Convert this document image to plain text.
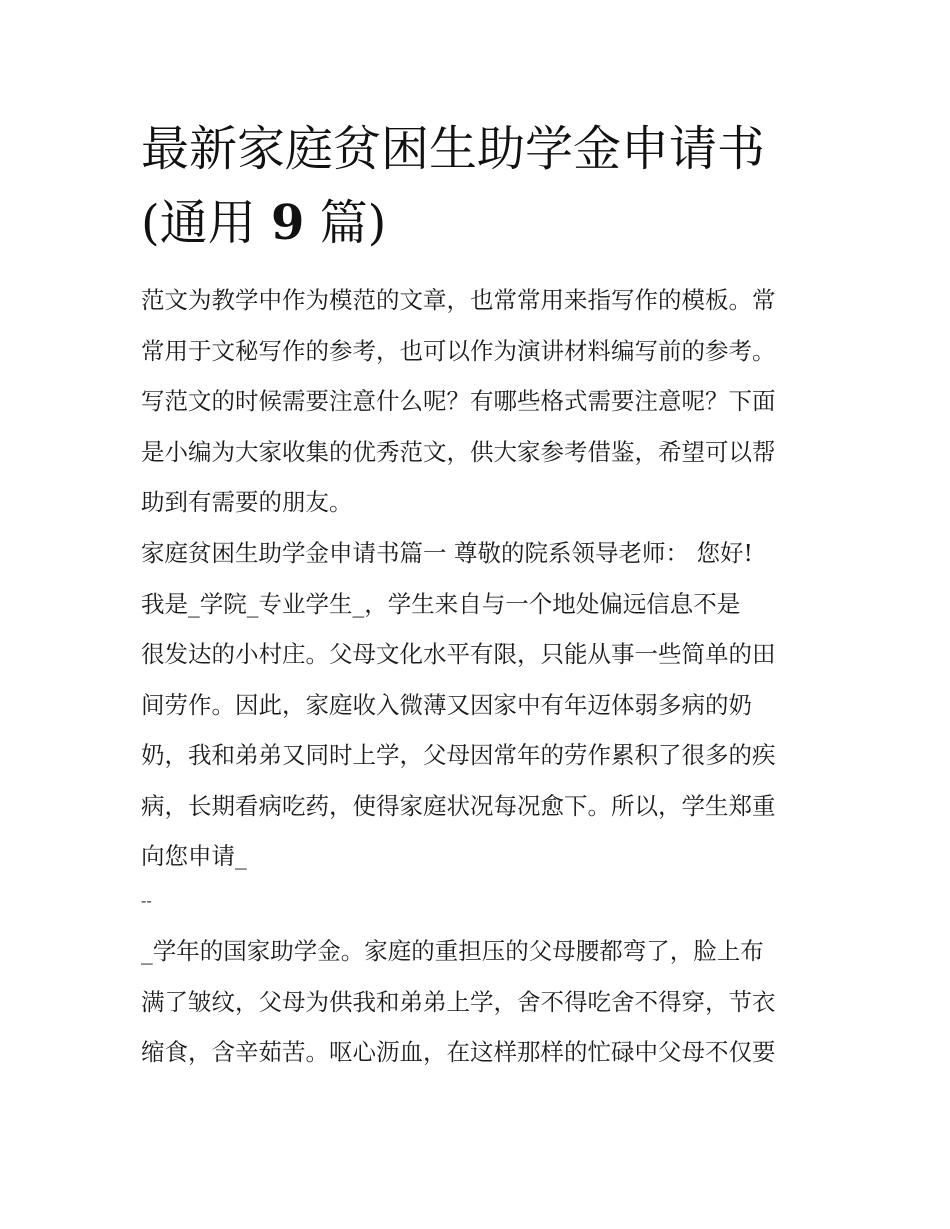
最新家庭贫困生助学金申请书
(通用 9 篇)
范文为教学中作为模范的文章，也常常用来指写作的模板。常
常用于文秘写作的参考，也可以作为演讲材料编写前的参考。
写范文的时候需要注意什么呢？有哪些格式需要注意呢？下面
是小编为大家收集的优秀范文，供大家参考借鉴，希望可以帮
助到有需要的朋友。
家庭贫困生助学金申请书篇一 尊敬的院系领导老师： 您好!
我是_学院_专业学生_，学生来自与一个地处偏远信息不是
很发达的小村庄。父母文化水平有限，只能从事一些简单的田
间劳作。因此，家庭收入微薄又因家中有年迈体弱多病的奶
奶，我和弟弟又同时上学，父母因常年的劳作累积了很多的疾
病，长期看病吃药，使得家庭状况每况愈下。所以，学生郑重
向您申请_

--

_学年的国家助学金。家庭的重担压的父母腰都弯了，脸上布
满了皱纹，父母为供我和弟弟上学，舍不得吃舍不得穿，节衣
缩食，含辛茹苦。呕心沥血，在这样那样的忙碌中父母不仅要
